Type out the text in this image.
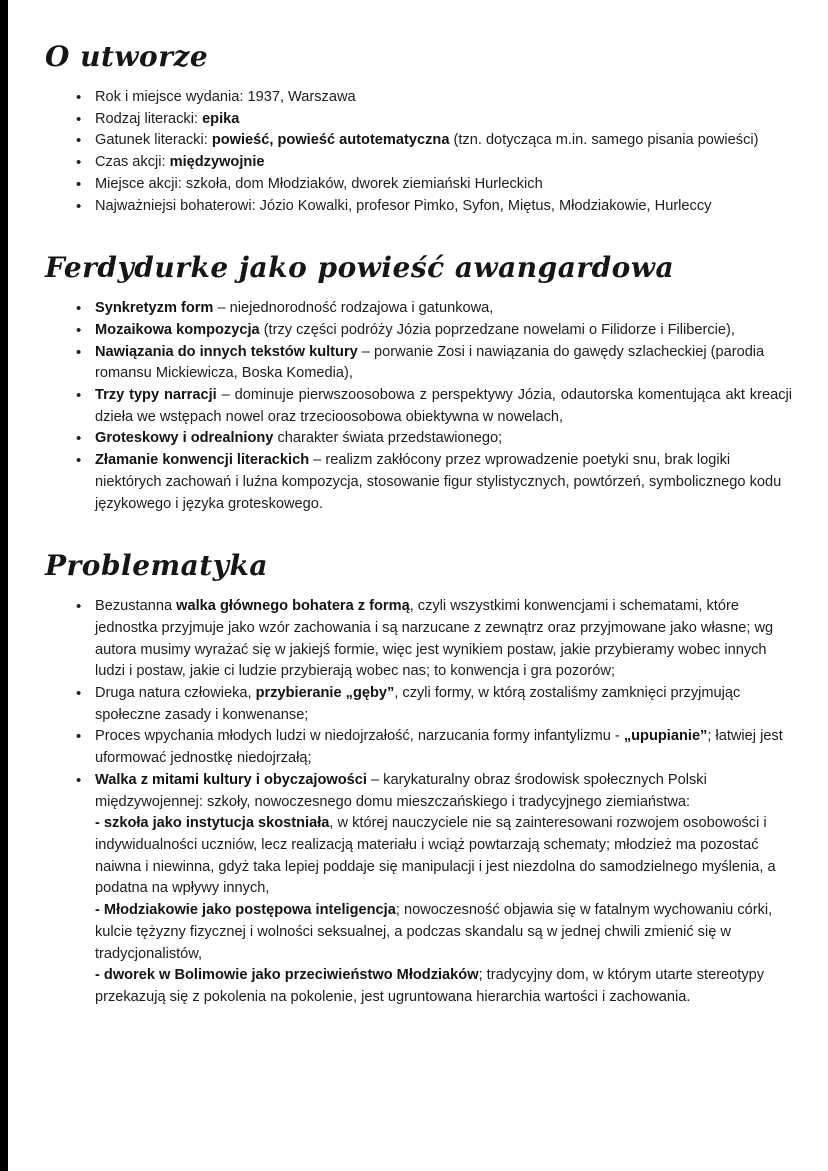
O utworze
• Rok i miejsce wydania: 1937, Warszawa
• Rodzaj literacki: epika
• Gatunek literacki: powieść, powieść autotematyczna (tzn. dotycząca m.in. samego pisania powieści)
• Czas akcji: międzywojnie
• Miejsce akcji: szkoła, dom Młodziaków, dworek ziemiański Hurleckich
• Najważniejsi bohaterowi: Józio Kowalki, profesor Pimko, Syfon, Miętus, Młodziakowie, Hurleccy
Ferdydurke jako powieść awangardowa
• Synkretyzm form – niejednorodność rodzajowa i gatunkowa,
• Mozaikowa kompozycja (trzy części podróży Józia poprzedzane nowelami o Filidorze i Filibercie),
• Nawiązania do innych tekstów kultury – porwanie Zosi i nawiązania do gawędy szlacheckiej (parodia romansu Mickiewicza, Boska Komedia),
• Trzy typy narracji – dominuje pierwszoosobowa z perspektywy Józia, odautorska komentująca akt kreacji dzieła we wstępach nowel oraz trzecioosobowa obiektywna w nowelach,
• Groteskowy i odrealniony charakter świata przedstawionego;
• Złamanie konwencji literackich – realizm zakłócony przez wprowadzenie poetyki snu, brak logiki niektórych zachowań i luźna kompozycja, stosowanie figur stylistycznych, powtórzeń, symbolicznego kodu językowego i języka groteskowego.
Problematyka
• Bezustanna walka głównego bohatera z formą, czyli wszystkimi konwencjami i schematami, które jednostka przyjmuje jako wzór zachowania i są narzucane z zewnątrz oraz przyjmowane jako własne; wg autora musimy wyrażać się w jakiejś formie, więc jest wynikiem postaw, jakie przybieramy wobec innych ludzi i postaw, jakie ci ludzie przybierają wobec nas; to konwencja i gra pozorów;
• Druga natura człowieka, przybieranie „gęby”, czyli formy, w którą zostaliśmy zamknięci przyjmując społeczne zasady i konwenanse;
• Proces wpychania młodych ludzi w niedojrzałość, narzucania formy infantylizmu - „upupianie”; łatwiej jest uformować jednostkę niedojrzałą;
• Walka z mitami kultury i obyczajowości – karykaturalny obraz środowisk społecznych Polski międzywojennej: szkoły, nowoczesnego domu mieszczańskiego i tradycyjnego ziemiaństwa:
- szkoła jako instytucja skostniała, w której nauczyciele nie są zainteresowani rozwojem osobowości i indywidualności uczniów, lecz realizacją materiału i wciąż powtarzają schematy; młodzież ma pozostać naiwna i niewinna, gdyż taka lepiej poddaje się manipulacji i jest niezdolna do samodzielnego myślenia, a podatna na wpływy innych,
- Młodziakowie jako postępowa inteligencja; nowoczesność objawia się w fatalnym wychowaniu córki, kulcie tężyzny fizycznej i wolności seksualnej, a podczas skandalu są w jednej chwili zmienić się w tradycjonalistów,
- dworek w Bolimowie jako przeciwieństwo Młodziaków; tradycyjny dom, w którym utarte stereotypy przekazują się z pokolenia na pokolenie, jest ugruntowana hierarchia wartości i zachowania.
